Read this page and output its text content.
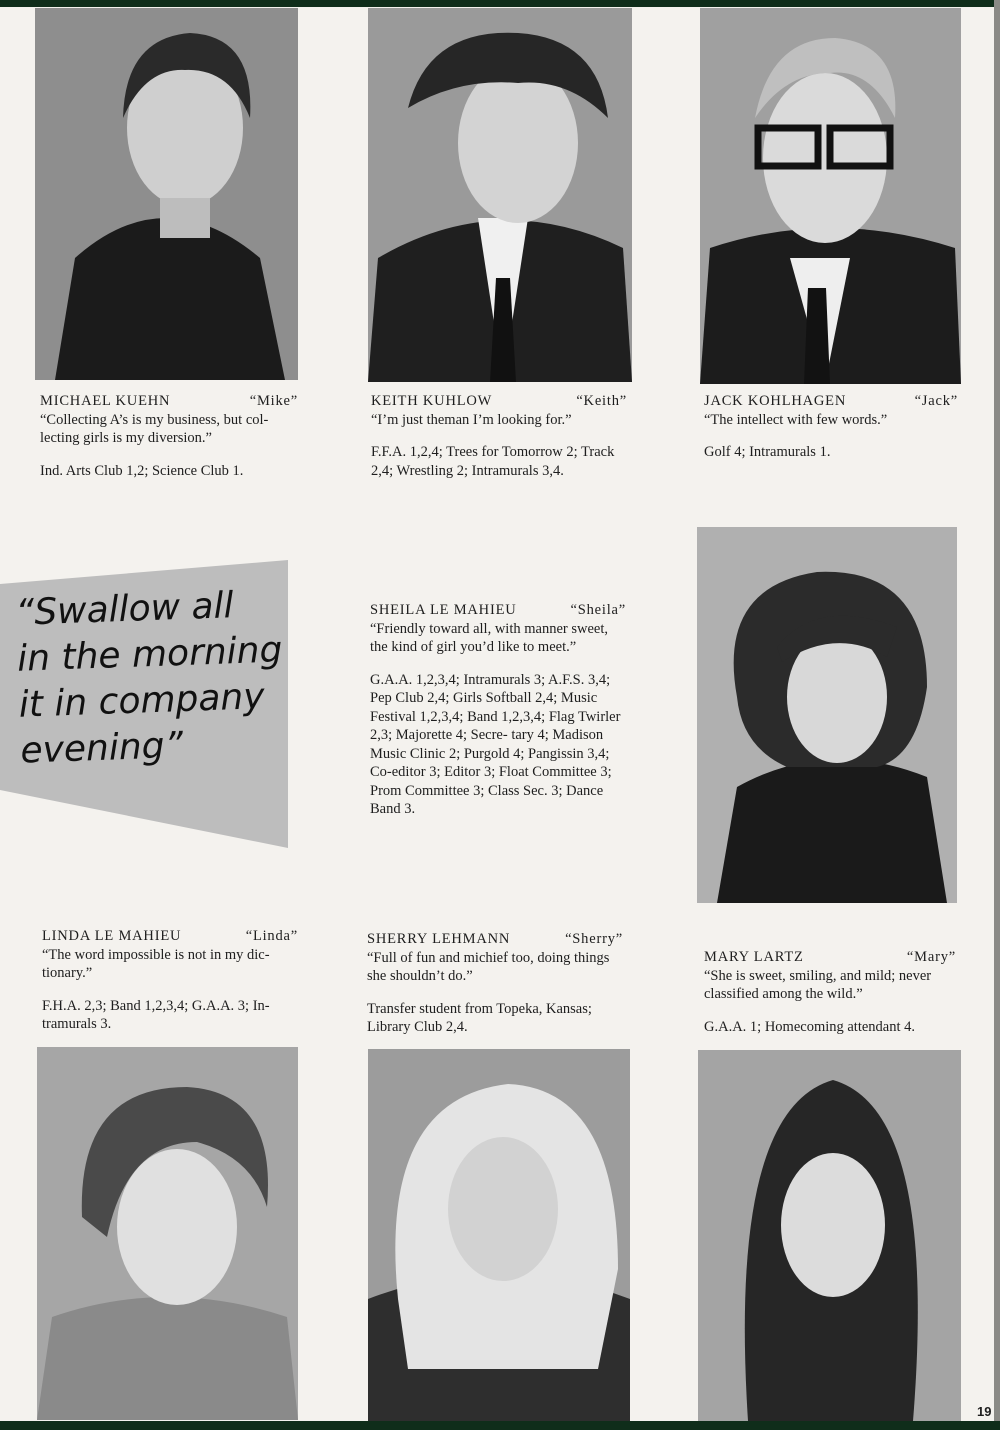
MICHAEL KUEHN	“Mike”

“Collecting A’s is my business, but col- lecting girls is my diversion.”

Ind. Arts Club 1,2; Science Club 1.
KEITH KUHLOW	“Keith”

“I’m just theman I’m looking for.”

F.F.A. 1,2,4; Trees for Tomorrow 2; Track 2,4; Wrestling 2; Intramurals 3,4.
JACK KOHLHAGEN	“Jack”

“The intellect with few words.”

Golf 4; Intramurals 1.
“Swallow all
in the morning
it in company
evening”
SHEILA LE MAHIEU	“Sheila”

“Friendly toward all, with manner sweet, the kind of girl you’d like to meet.”

G.A.A. 1,2,3,4; Intramurals 3; A.F.S. 3,4; Pep Club 2,4; Girls Softball 2,4; Music Festival 1,2,3,4; Band 1,2,3,4; Flag Twirler 2,3; Majorette 4; Secre- tary 4; Madison Music Clinic 2; Purgold 4; Pangissin 3,4; Co-editor 3; Editor 3; Float Committee 3; Prom Committee 3; Class Sec. 3; Dance Band 3.
LINDA LE MAHIEU	“Linda”

“The word impossible is not in my dic- tionary.”

F.H.A. 2,3; Band 1,2,3,4; G.A.A. 3; In- tramurals 3.
SHERRY LEHMANN	“Sherry”

“Full of fun and michief too, doing things she shouldn’t do.”

Transfer student from Topeka, Kansas; Library Club 2,4.
MARY LARTZ	“Mary”

“She is sweet, smiling, and mild; never classified among the wild.”

G.A.A. 1; Homecoming attendant 4.
19
